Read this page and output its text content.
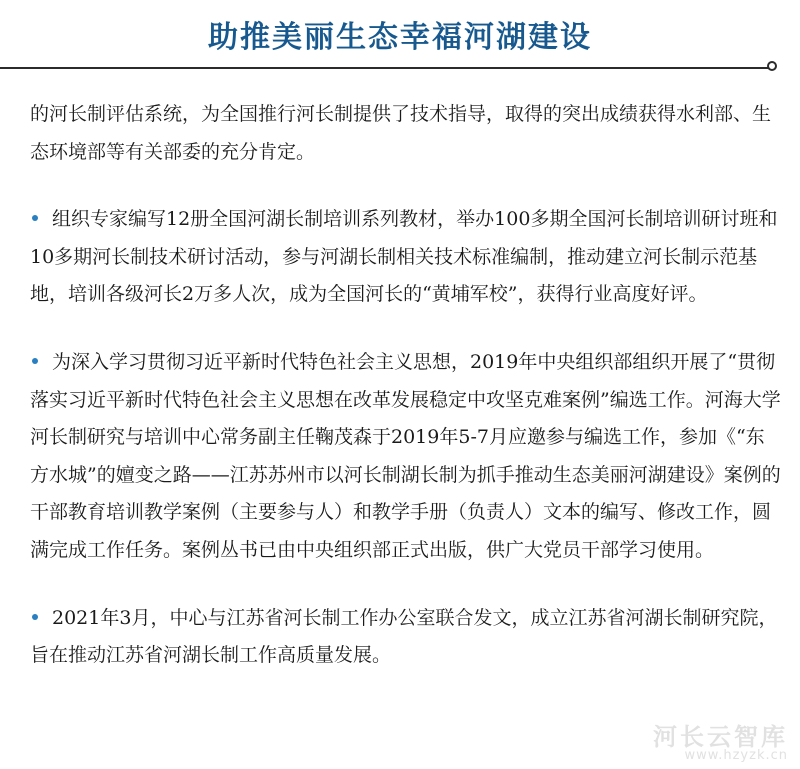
助推美丽生态幸福河湖建设

的河长制评估系统，为全国推行河长制提供了技术指导，取得的突出成绩获得水利部、生态环境部等有关部委的充分肯定。

组织专家编写12册全国河湖长制培训系列教材，举办100多期全国河长制培训研讨班和10多期河长制技术研讨活动，参与河湖长制相关技术标准编制，推动建立河长制示范基地，培训各级河长2万多人次，成为全国河长的“黄埔军校”，获得行业高度好评。

为深入学习贯彻习近平新时代特色社会主义思想，2019年中央组织部组织开展了“贯彻落实习近平新时代特色社会主义思想在改革发展稳定中攻坚克难案例”编选工作。河海大学河长制研究与培训中心常务副主任鞠茂森于2019年5-7月应邀参与编选工作，参加《“东方水城”的嬗变之路——江苏苏州市以河长制湖长制为抓手推动生态美丽河湖建设》案例的干部教育培训教学案例（主要参与人）和教学手册（负责人）文本的编写、修改工作，圆满完成工作任务。案例丛书已由中央组织部正式出版，供广大党员干部学习使用。

2021年3月，中心与江苏省河长制工作办公室联合发文，成立江苏省河湖长制研究院，旨在推动江苏省河湖长制工作高质量发展。

河长云智库
www.hzyzk.cn
